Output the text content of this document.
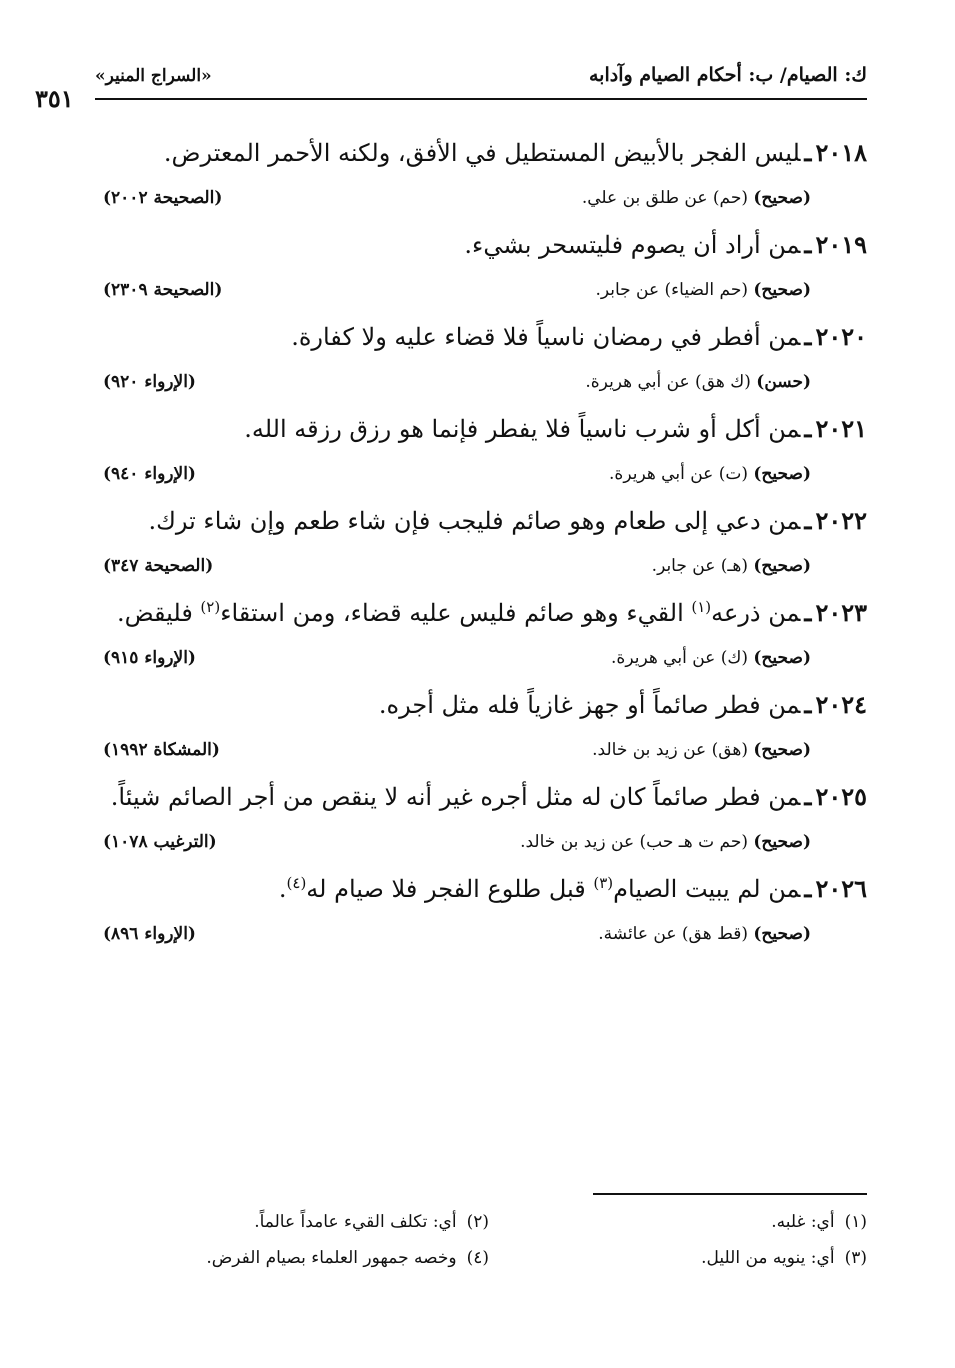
ك: الصيام/ ب: أحكام الصيام وآدابه
«السراج المنير»
٣٥١
٢٠١٨ـليس الفجر بالأبيض المستطيل في الأفق، ولكنه الأحمر المعترض.
(صحيح) (حم) عن طلق بن علي.
(الصحيحة ٢٠٠٢)
٢٠١٩ـمن أراد أن يصوم فليتسحر بشيء.
(صحيح) (حم الضياء) عن جابر.
(الصحيحة ٢٣٠٩)
٢٠٢٠ـمن أفطر في رمضان ناسياً فلا قضاء عليه ولا كفارة.
(حسن) (ك هق) عن أبي هريرة.
(الإرواء ٩٢٠)
٢٠٢١ـمن أكل أو شرب ناسياً فلا يفطر فإنما هو رزق رزقه الله.
(صحيح) (ت) عن أبي هريرة.
(الإرواء ٩٤٠)
٢٠٢٢ـمن دعي إلى طعام وهو صائم فليجب فإن شاء طعم وإن شاء ترك.
(صحيح) (هـ) عن جابر.
(الصحيحة ٣٤٧)
٢٠٢٣ـمن ذرعه$^{(١)}$ القيء وهو صائم فليس عليه قضاء، ومن استقاء$^{(٢)}$ فليقض.
(صحيح) (ك) عن أبي هريرة.
(الإرواء ٩١٥)
٢٠٢٤ـمن فطر صائماً أو جهز غازياً فله مثل أجره.
(صحيح) (هق) عن زيد بن خالد.
(المشكاة ١٩٩٢)
٢٠٢٥ـمن فطر صائماً كان له مثل أجره غير أنه لا ينقص من أجر الصائم شيئاً.
(صحيح) (حم ت هـ حب) عن زيد بن خالد.
(الترغيب ١٠٧٨)
٢٠٢٦ـمن لم يبيت الصيام$^{(٣)}$ قبل طلوع الفجر فلا صيام له$^{(٤)}$.
(صحيح) (قط هق) عن عائشة.
(الإرواء ٨٩٦)
(١)أي: غلبه.
(٢)أي: تكلف القيء عامداً عالماً.
(٣)أي: ينويه من الليل.
(٤)وخصه جمهور العلماء بصيام الفرض.
